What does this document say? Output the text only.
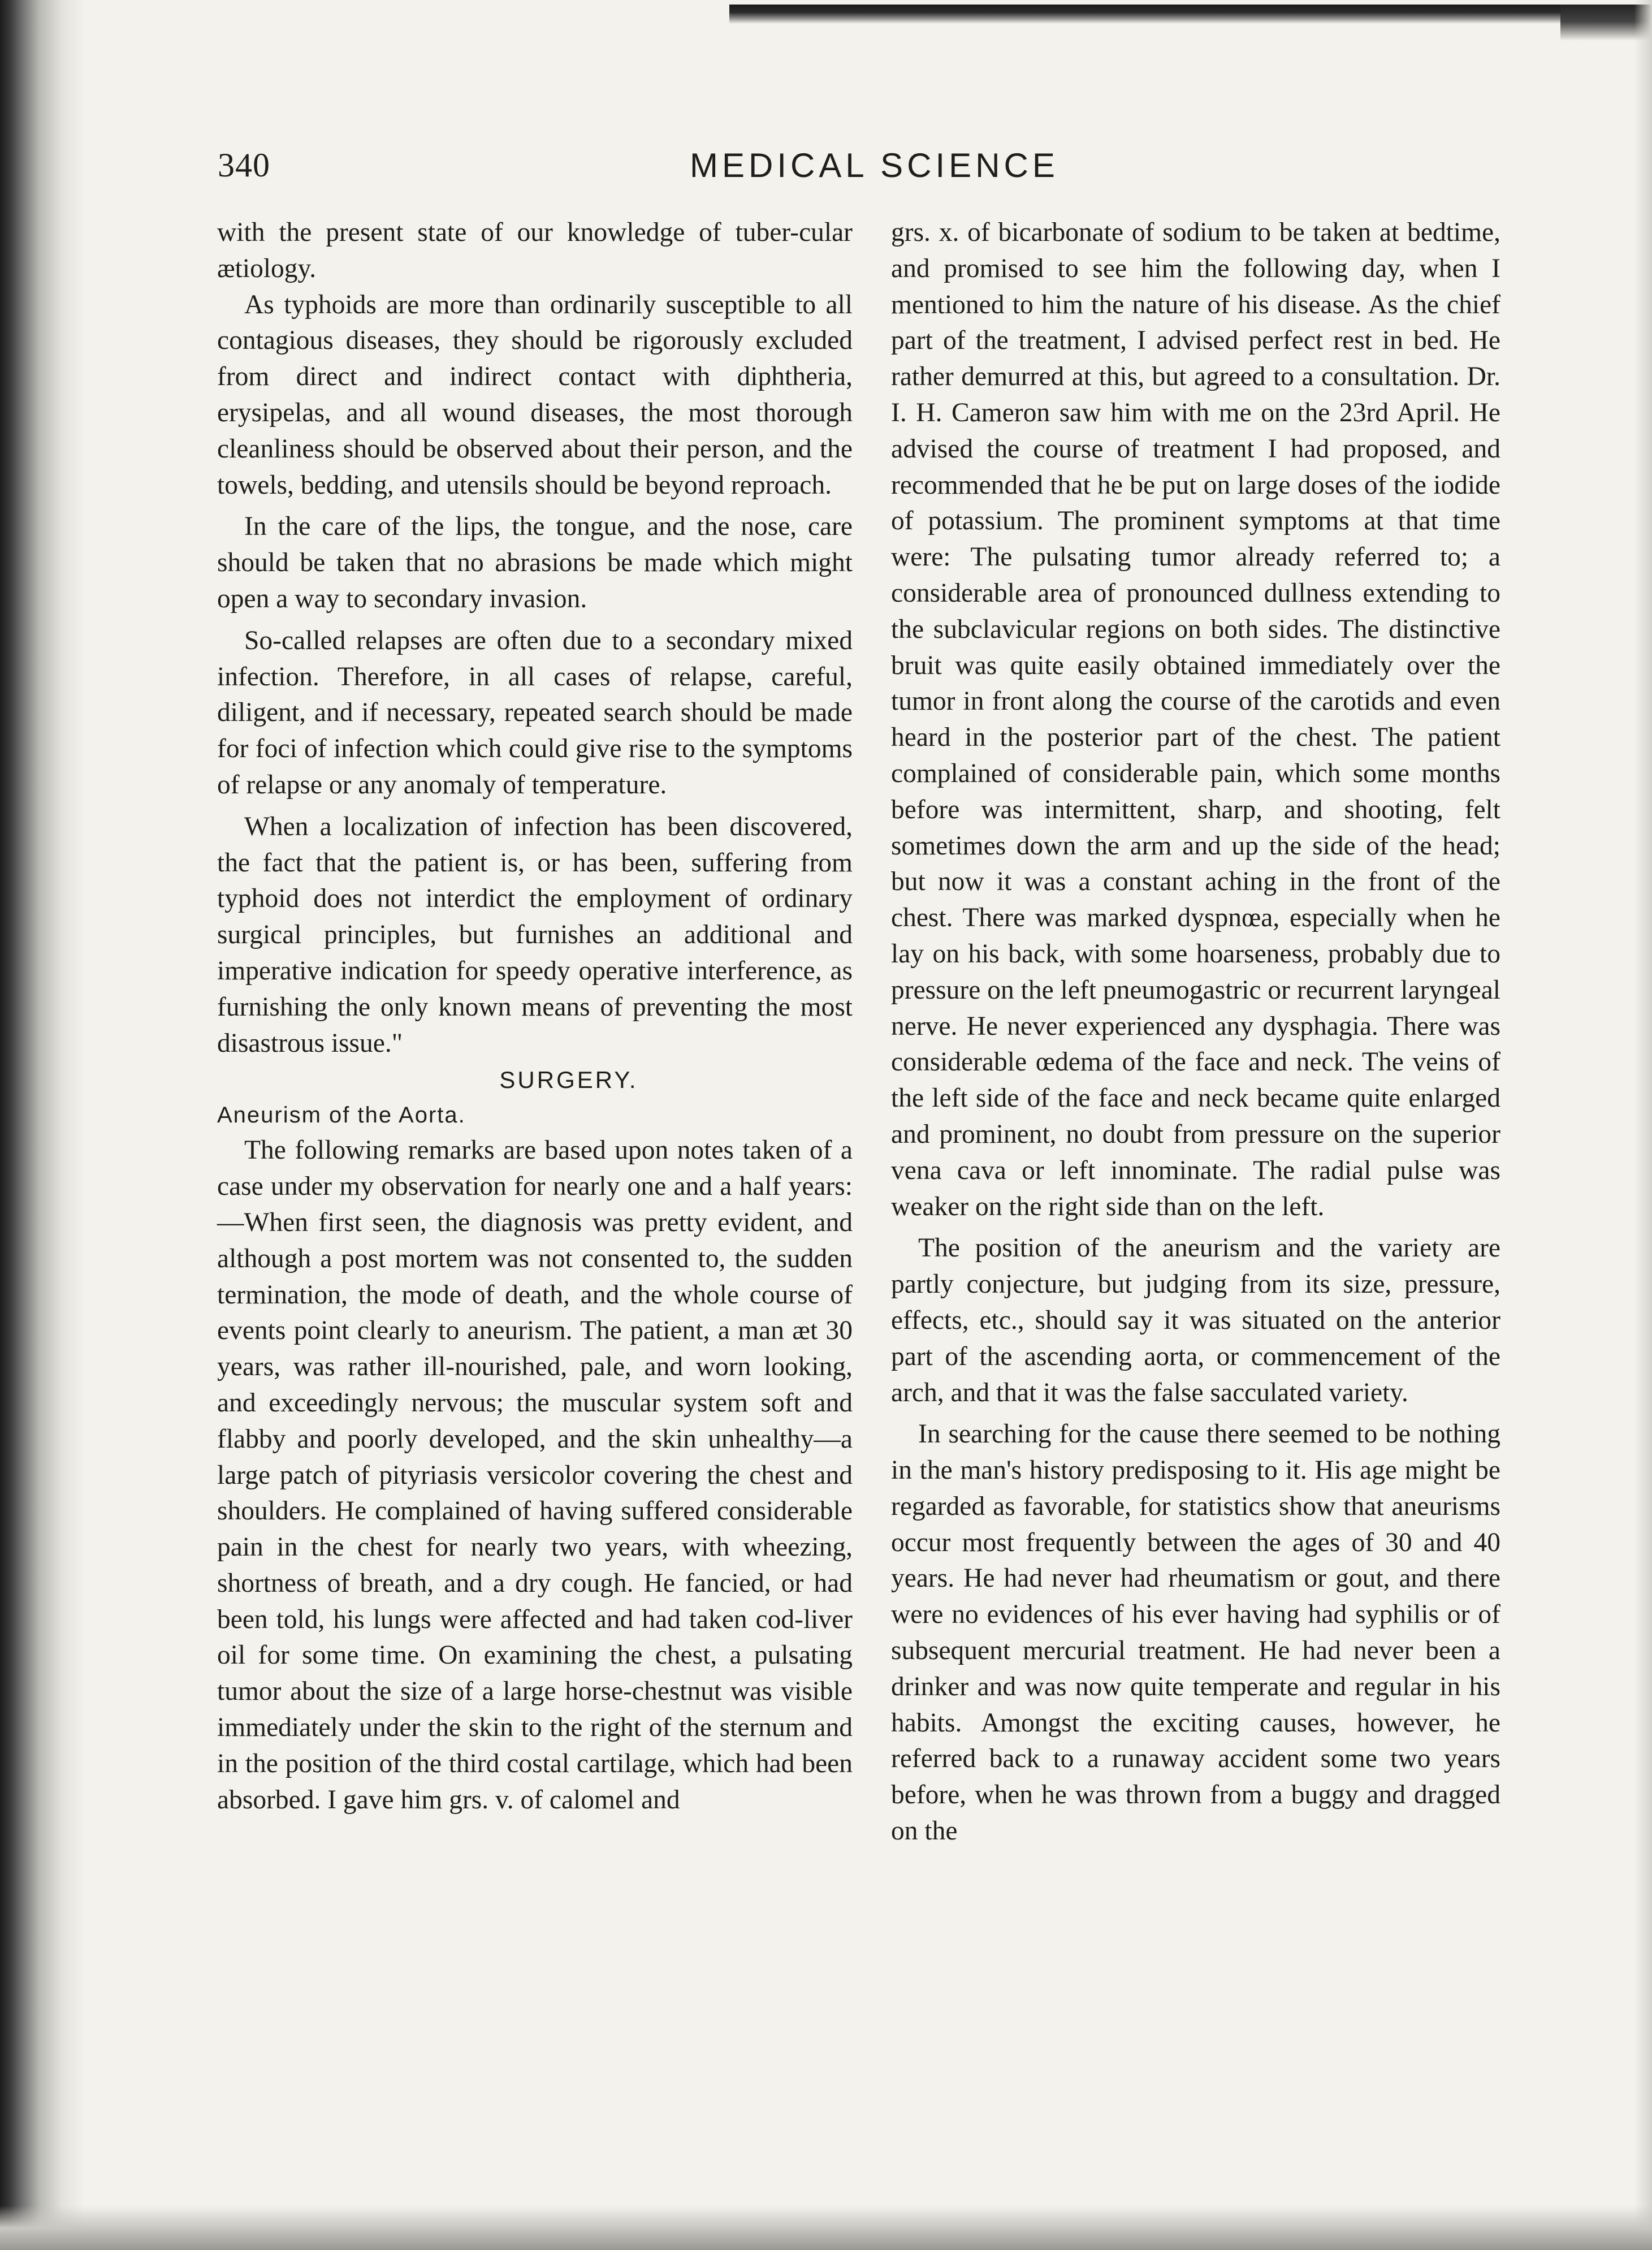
340	MEDICAL SCIENCE

with the present state of our knowledge of tuber-cular ætiology.

As typhoids are more than ordinarily susceptible to all contagious diseases, they should be rigorously excluded from direct and indirect contact with diphtheria, erysipelas, and all wound diseases, the most thorough cleanliness should be observed about their person, and the towels, bedding, and utensils should be beyond reproach.

In the care of the lips, the tongue, and the nose, care should be taken that no abrasions be made which might open a way to secondary invasion.

So-called relapses are often due to a secondary mixed infection. Therefore, in all cases of relapse, careful, diligent, and if necessary, repeated search should be made for foci of infection which could give rise to the symptoms of relapse or any anomaly of temperature.

When a localization of infection has been discovered, the fact that the patient is, or has been, suffering from typhoid does not interdict the employment of ordinary surgical principles, but furnishes an additional and imperative indication for speedy operative interference, as furnishing the only known means of preventing the most disastrous issue."

SURGERY.
Aneurism of the Aorta.

The following remarks are based upon notes taken of a case under my observation for nearly one and a half years:—When first seen, the diagnosis was pretty evident, and although a post mortem was not consented to, the sudden termination, the mode of death, and the whole course of events point clearly to aneurism. The patient, a man æt 30 years, was rather ill-nourished, pale, and worn looking, and exceedingly nervous; the muscular system soft and flabby and poorly developed, and the skin unhealthy—a large patch of pityriasis versicolor covering the chest and shoulders. He complained of having suffered considerable pain in the chest for nearly two years, with wheezing, shortness of breath, and a dry cough. He fancied, or had been told, his lungs were affected and had taken cod-liver oil for some time. On examining the chest, a pulsating tumor about the size of a large horse-chestnut was visible immediately under the skin to the right of the sternum and in the position of the third costal cartilage, which had been absorbed. I gave him grs. v. of calomel and

grs. x. of bicarbonate of sodium to be taken at bedtime, and promised to see him the following day, when I mentioned to him the nature of his disease. As the chief part of the treatment, I advised perfect rest in bed. He rather demurred at this, but agreed to a consultation. Dr. I. H. Cameron saw him with me on the 23rd April. He advised the course of treatment I had proposed, and recommended that he be put on large doses of the iodide of potassium. The prominent symptoms at that time were: The pulsating tumor already referred to; a considerable area of pronounced dullness extending to the subclavicular regions on both sides. The distinctive bruit was quite easily obtained immediately over the tumor in front along the course of the carotids and even heard in the posterior part of the chest. The patient complained of considerable pain, which some months before was intermittent, sharp, and shooting, felt sometimes down the arm and up the side of the head; but now it was a constant aching in the front of the chest. There was marked dyspnœa, especially when he lay on his back, with some hoarseness, probably due to pressure on the left pneumogastric or recurrent laryngeal nerve. He never experienced any dysphagia. There was considerable œdema of the face and neck. The veins of the left side of the face and neck became quite enlarged and prominent, no doubt from pressure on the superior vena cava or left innominate. The radial pulse was weaker on the right side than on the left.

The position of the aneurism and the variety are partly conjecture, but judging from its size, pressure, effects, etc., should say it was situated on the anterior part of the ascending aorta, or commencement of the arch, and that it was the false sacculated variety.

In searching for the cause there seemed to be nothing in the man's history predisposing to it. His age might be regarded as favorable, for statistics show that aneurisms occur most frequently between the ages of 30 and 40 years. He had never had rheumatism or gout, and there were no evidences of his ever having had syphilis or of subsequent mercurial treatment. He had never been a drinker and was now quite temperate and regular in his habits. Amongst the exciting causes, however, he referred back to a runaway accident some two years before, when he was thrown from a buggy and dragged on the
